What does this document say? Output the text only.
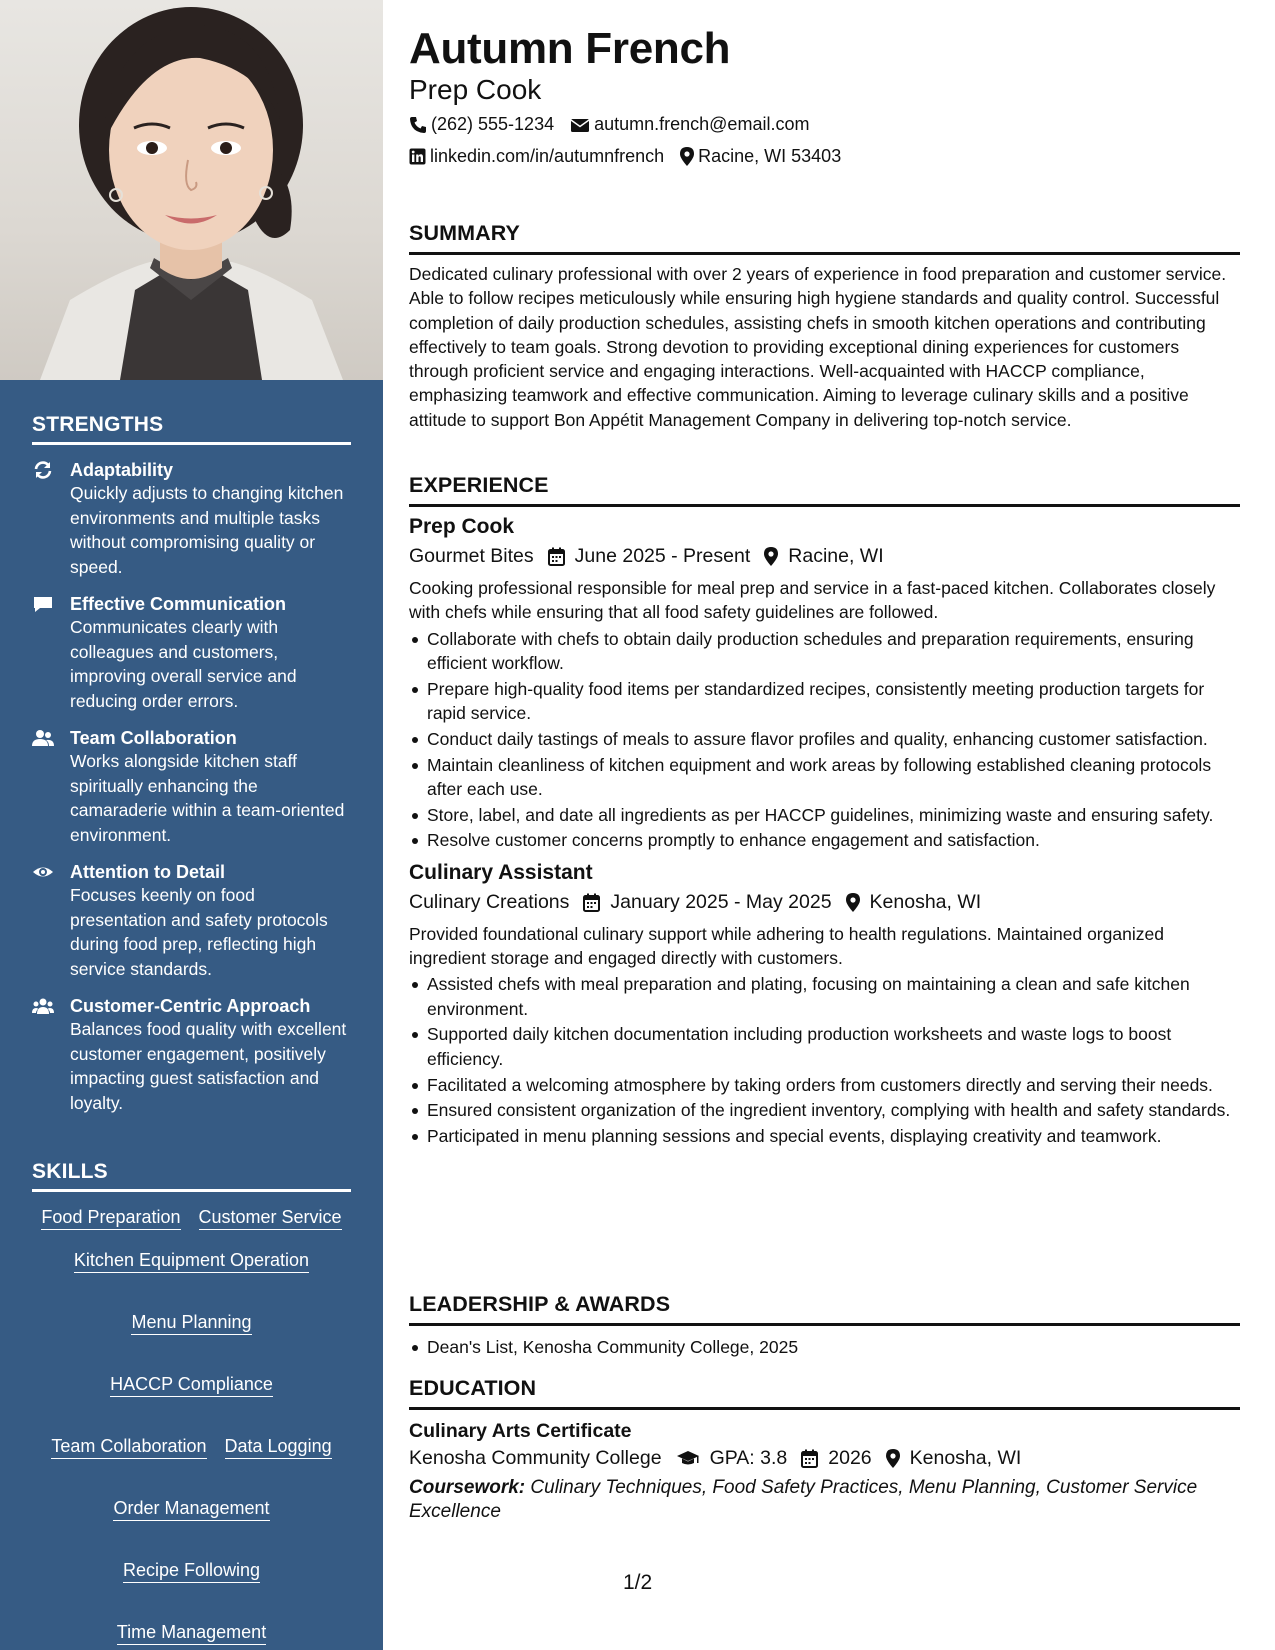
STRENGTHS
Adaptability
Quickly adjusts to changing kitchen environments and multiple tasks without compromising quality or speed.
Effective Communication
Communicates clearly with colleagues and customers, improving overall service and reducing order errors.
Team Collaboration
Works alongside kitchen staff spiritually enhancing the camaraderie within a team-oriented environment.
Attention to Detail
Focuses keenly on food presentation and safety protocols during food prep, reflecting high service standards.
Customer-Centric Approach
Balances food quality with excellent customer engagement, positively impacting guest satisfaction and loyalty.
SKILLS
Food Preparation Customer Service
Kitchen Equipment Operation
Menu Planning
HACCP Compliance
Team Collaboration Data Logging
Order Management
Recipe Following
Time Management
Autumn French
Prep Cook
(262) 555-1234 autumn.french@email.com
linkedin.com/in/autumnfrench Racine, WI 53403
SUMMARY
Dedicated culinary professional with over 2 years of experience in food preparation and customer service. Able to follow recipes meticulously while ensuring high hygiene standards and quality control. Successful completion of daily production schedules, assisting chefs in smooth kitchen operations and contributing effectively to team goals. Strong devotion to providing exceptional dining experiences for customers through proficient service and engaging interactions. Well-acquainted with HACCP compliance, emphasizing teamwork and effective communication. Aiming to leverage culinary skills and a positive attitude to support Bon Appétit Management Company in delivering top-notch service.
EXPERIENCE
Prep Cook
Gourmet Bites June 2025 - Present Racine, WI
Cooking professional responsible for meal prep and service in a fast-paced kitchen. Collaborates closely with chefs while ensuring that all food safety guidelines are followed.
Collaborate with chefs to obtain daily production schedules and preparation requirements, ensuring efficient workflow.
Prepare high-quality food items per standardized recipes, consistently meeting production targets for rapid service.
Conduct daily tastings of meals to assure flavor profiles and quality, enhancing customer satisfaction.
Maintain cleanliness of kitchen equipment and work areas by following established cleaning protocols after each use.
Store, label, and date all ingredients as per HACCP guidelines, minimizing waste and ensuring safety.
Resolve customer concerns promptly to enhance engagement and satisfaction.
Culinary Assistant
Culinary Creations January 2025 - May 2025 Kenosha, WI
Provided foundational culinary support while adhering to health regulations. Maintained organized ingredient storage and engaged directly with customers.
Assisted chefs with meal preparation and plating, focusing on maintaining a clean and safe kitchen environment.
Supported daily kitchen documentation including production worksheets and waste logs to boost efficiency.
Facilitated a welcoming atmosphere by taking orders from customers directly and serving their needs.
Ensured consistent organization of the ingredient inventory, complying with health and safety standards.
Participated in menu planning sessions and special events, displaying creativity and teamwork.
LEADERSHIP & AWARDS
Dean's List, Kenosha Community College, 2025
EDUCATION
Culinary Arts Certificate
Kenosha Community College GPA: 3.8 2026 Kenosha, WI
Coursework: Culinary Techniques, Food Safety Practices, Menu Planning, Customer Service Excellence
1/2
